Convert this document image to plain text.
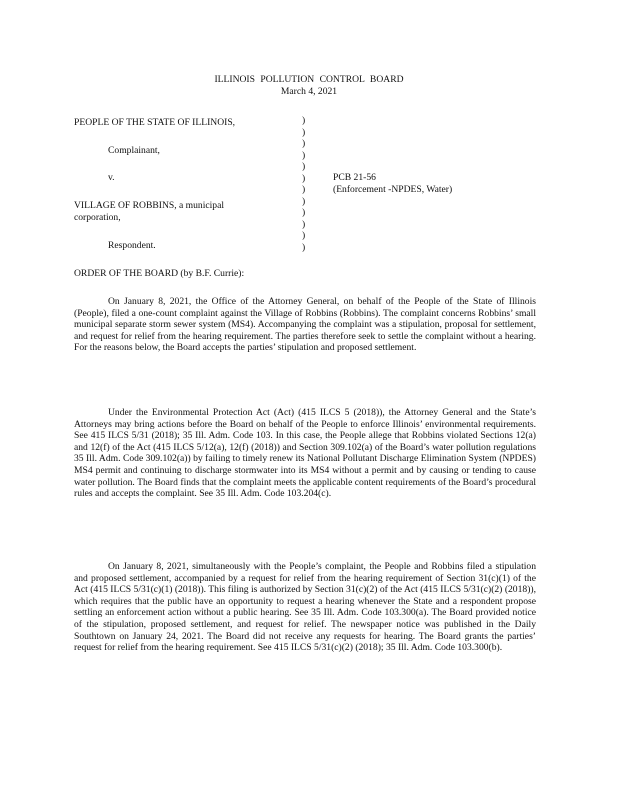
ILLINOIS POLLUTION CONTROL BOARD
March 4, 2021
PEOPLE OF THE STATE OF ILLINOIS,
Complainant,
v.
VILLAGE OF ROBBINS, a municipal
corporation,
Respondent.
)
)
)
)
)
)
)
)
)
)
)
)
PCB 21-56
(Enforcement -NPDES, Water)
ORDER OF THE BOARD (by B.F. Currie):
On January 8, 2021, the Office of the Attorney General, on behalf of the People of the State of Illinois (People), filed a one-count complaint against the Village of Robbins (Robbins). The complaint concerns Robbins’ small municipal separate storm sewer system (MS4). Accompanying the complaint was a stipulation, proposal for settlement, and request for relief from the hearing requirement. The parties therefore seek to settle the complaint without a hearing. For the reasons below, the Board accepts the parties’ stipulation and proposed settlement.
Under the Environmental Protection Act (Act) (415 ILCS 5 (2018)), the Attorney General and the State’s Attorneys may bring actions before the Board on behalf of the People to enforce Illinois’ environmental requirements. See 415 ILCS 5/31 (2018); 35 Ill. Adm. Code 103. In this case, the People allege that Robbins violated Sections 12(a) and 12(f) of the Act (415 ILCS 5/12(a), 12(f) (2018)) and Section 309.102(a) of the Board’s water pollution regulations 35 Ill. Adm. Code 309.102(a)) by failing to timely renew its National Pollutant Discharge Elimination System (NPDES) MS4 permit and continuing to discharge stormwater into its MS4 without a permit and by causing or tending to cause water pollution. The Board finds that the complaint meets the applicable content requirements of the Board’s procedural rules and accepts the complaint. See 35 Ill. Adm. Code 103.204(c).
On January 8, 2021, simultaneously with the People’s complaint, the People and Robbins filed a stipulation and proposed settlement, accompanied by a request for relief from the hearing requirement of Section 31(c)(1) of the Act (415 ILCS 5/31(c)(1) (2018)). This filing is authorized by Section 31(c)(2) of the Act (415 ILCS 5/31(c)(2) (2018)), which requires that the public have an opportunity to request a hearing whenever the State and a respondent propose settling an enforcement action without a public hearing. See 35 Ill. Adm. Code 103.300(a). The Board provided notice of the stipulation, proposed settlement, and request for relief. The newspaper notice was published in the Daily Southtown on January 24, 2021. The Board did not receive any requests for hearing. The Board grants the parties’ request for relief from the hearing requirement. See 415 ILCS 5/31(c)(2) (2018); 35 Ill. Adm. Code 103.300(b).
